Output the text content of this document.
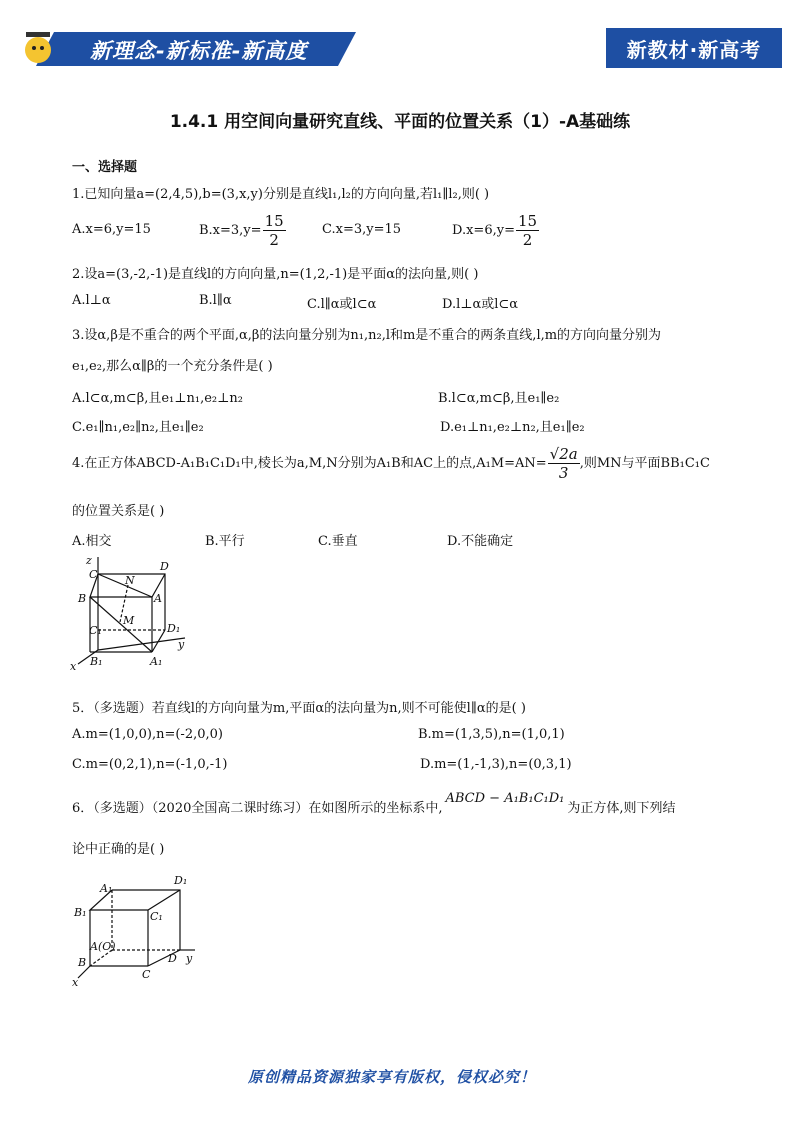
新理念-新标准-新高度	新教材·新高考
1.4.1 用空间向量研究直线、平面的位置关系（1）-A基础练
一、选择题
1.已知向量a=(2,4,5),b=(3,x,y)分别是直线l₁,l₂的方向向量,若l₁∥l₂,则( )
A.x=6,y=15	$B.x=3,y= \frac{15}{2}$	C.x=3,y=15	$D.x=6,y= \frac{15}{2}$
2.设a=(3,-2,-1)是直线l的方向向量,n=(1,2,-1)是平面α的法向量,则( )
A.l⊥α	B.l∥α	C.l∥α或l⊂α	D.l⊥α或l⊂α
3.设α,β是不重合的两个平面,α,β的法向量分别为n₁,n₂,l和m是不重合的两条直线,l,m的方向向量分别为
e₁,e₂,那么α∥β的一个充分条件是( )
A.l⊂α,m⊂β,且e₁⊥n₁,e₂⊥n₂	B.l⊂α,m⊂β,且e₁∥e₂
C.e₁∥n₁,e₂∥n₂,且e₁∥e₂	D.e₁⊥n₁,e₂⊥n₂,且e₁∥e₂
4.在正方体ABCD-A₁B₁C₁D₁中,棱长为a,M,N分别为A₁B和AC上的点$,A_1M=AN= \frac{√2a}{3}$ ,则MN与平面BB₁C₁C
的位置关系是( )
A.相交	B.平行	C.垂直	D.不能确定
z
C	N
D
B	A
M
C₁	D₁
y
x B₁	A₁
5．（多选题）若直线l的方向向量为m,平面α的法向量为n,则不可能使l∥α的是( )
A.m=(1,0,0),n=(-2,0,0)	B.m=(1,3,5),n=(1,0,1)
C.m=(0,2,1),n=(-1,0,-1)	D.m=(1,-1,3),n=(0,3,1)
6．（多选题）（2020全国高二课时练习）在如图所示的坐标系中,ABCD − A₁B₁C₁D₁为正方体,则下列结
论中正确的是( )
A₁
D₁
B₁	C₁
A(O)
B
C
D y
x
原创精品资源独家享有版权，侵权必究！
